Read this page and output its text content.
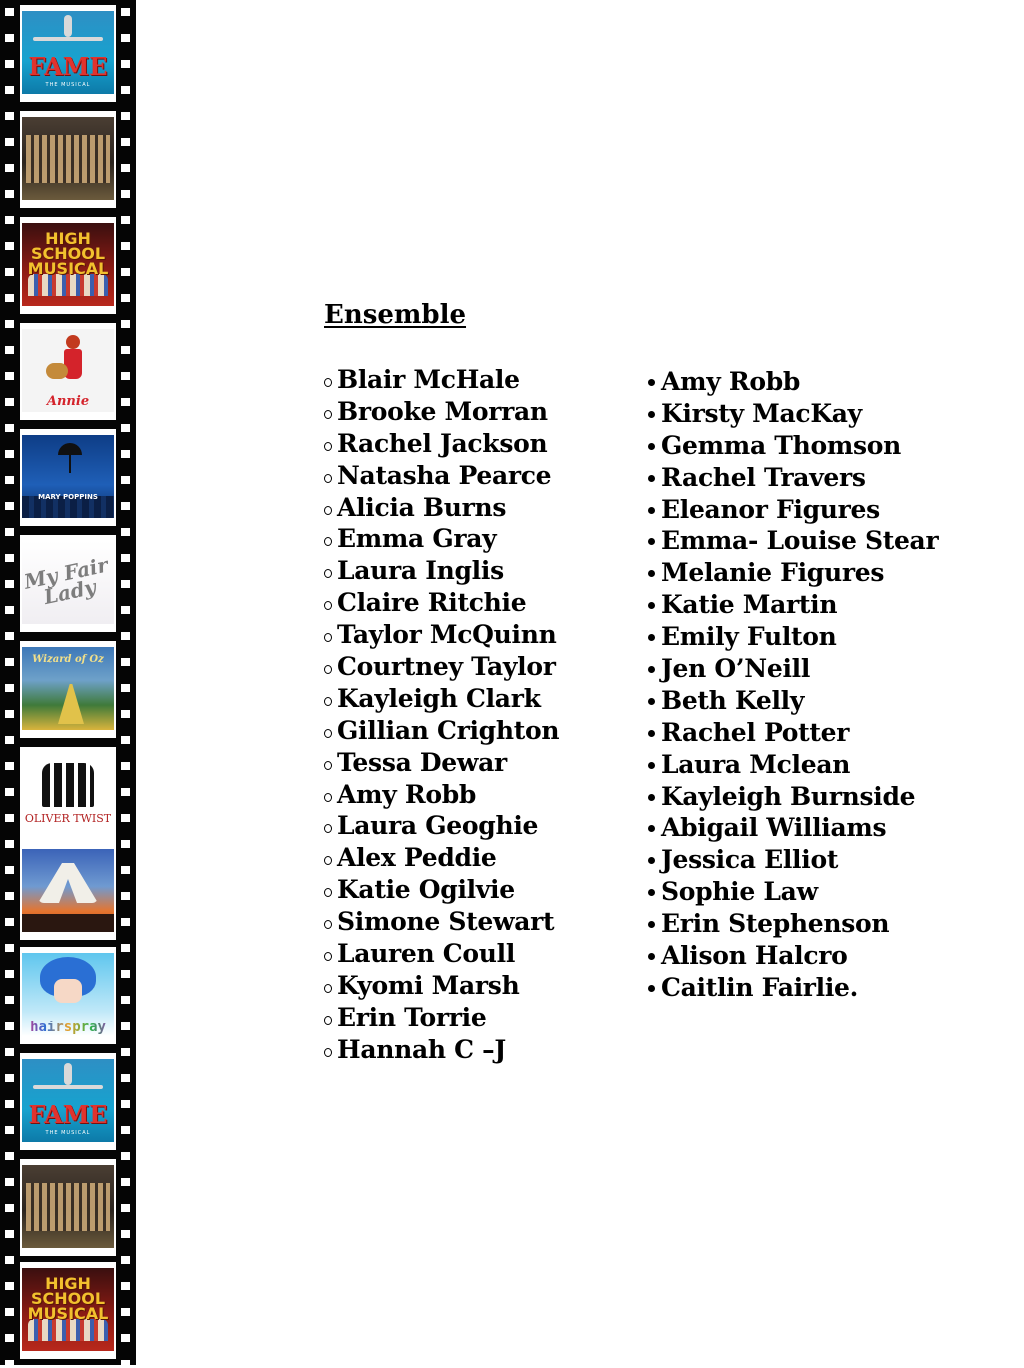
FAME
THE MUSICAL
HIGH SCHOOL MUSICAL
Annie
MARY POPPINS
My Fair Lady
Wizard of Oz
OLIVER TWIST
hairspray
FAME
THE MUSICAL
HIGH SCHOOL MUSICAL
Ensemble
Blair McHale
Brooke Morran
Rachel Jackson
Natasha Pearce
Alicia Burns
Emma Gray
Laura Inglis
Claire Ritchie
Taylor McQuinn
Courtney Taylor
Kayleigh Clark
Gillian Crighton
Tessa Dewar
Amy Robb
Laura Geoghie
Alex Peddie
Katie Ogilvie
Simone Stewart
Lauren Coull
Kyomi Marsh
Erin Torrie
Hannah C –J
Amy Robb
Kirsty MacKay
Gemma Thomson
Rachel Travers
Eleanor Figures
Emma- Louise Stear
Melanie Figures
Katie Martin
Emily Fulton
Jen O’Neill
Beth Kelly
Rachel Potter
Laura Mclean
Kayleigh Burnside
Abigail Williams
Jessica Elliot
Sophie Law
Erin Stephenson
Alison Halcro
Caitlin Fairlie.
